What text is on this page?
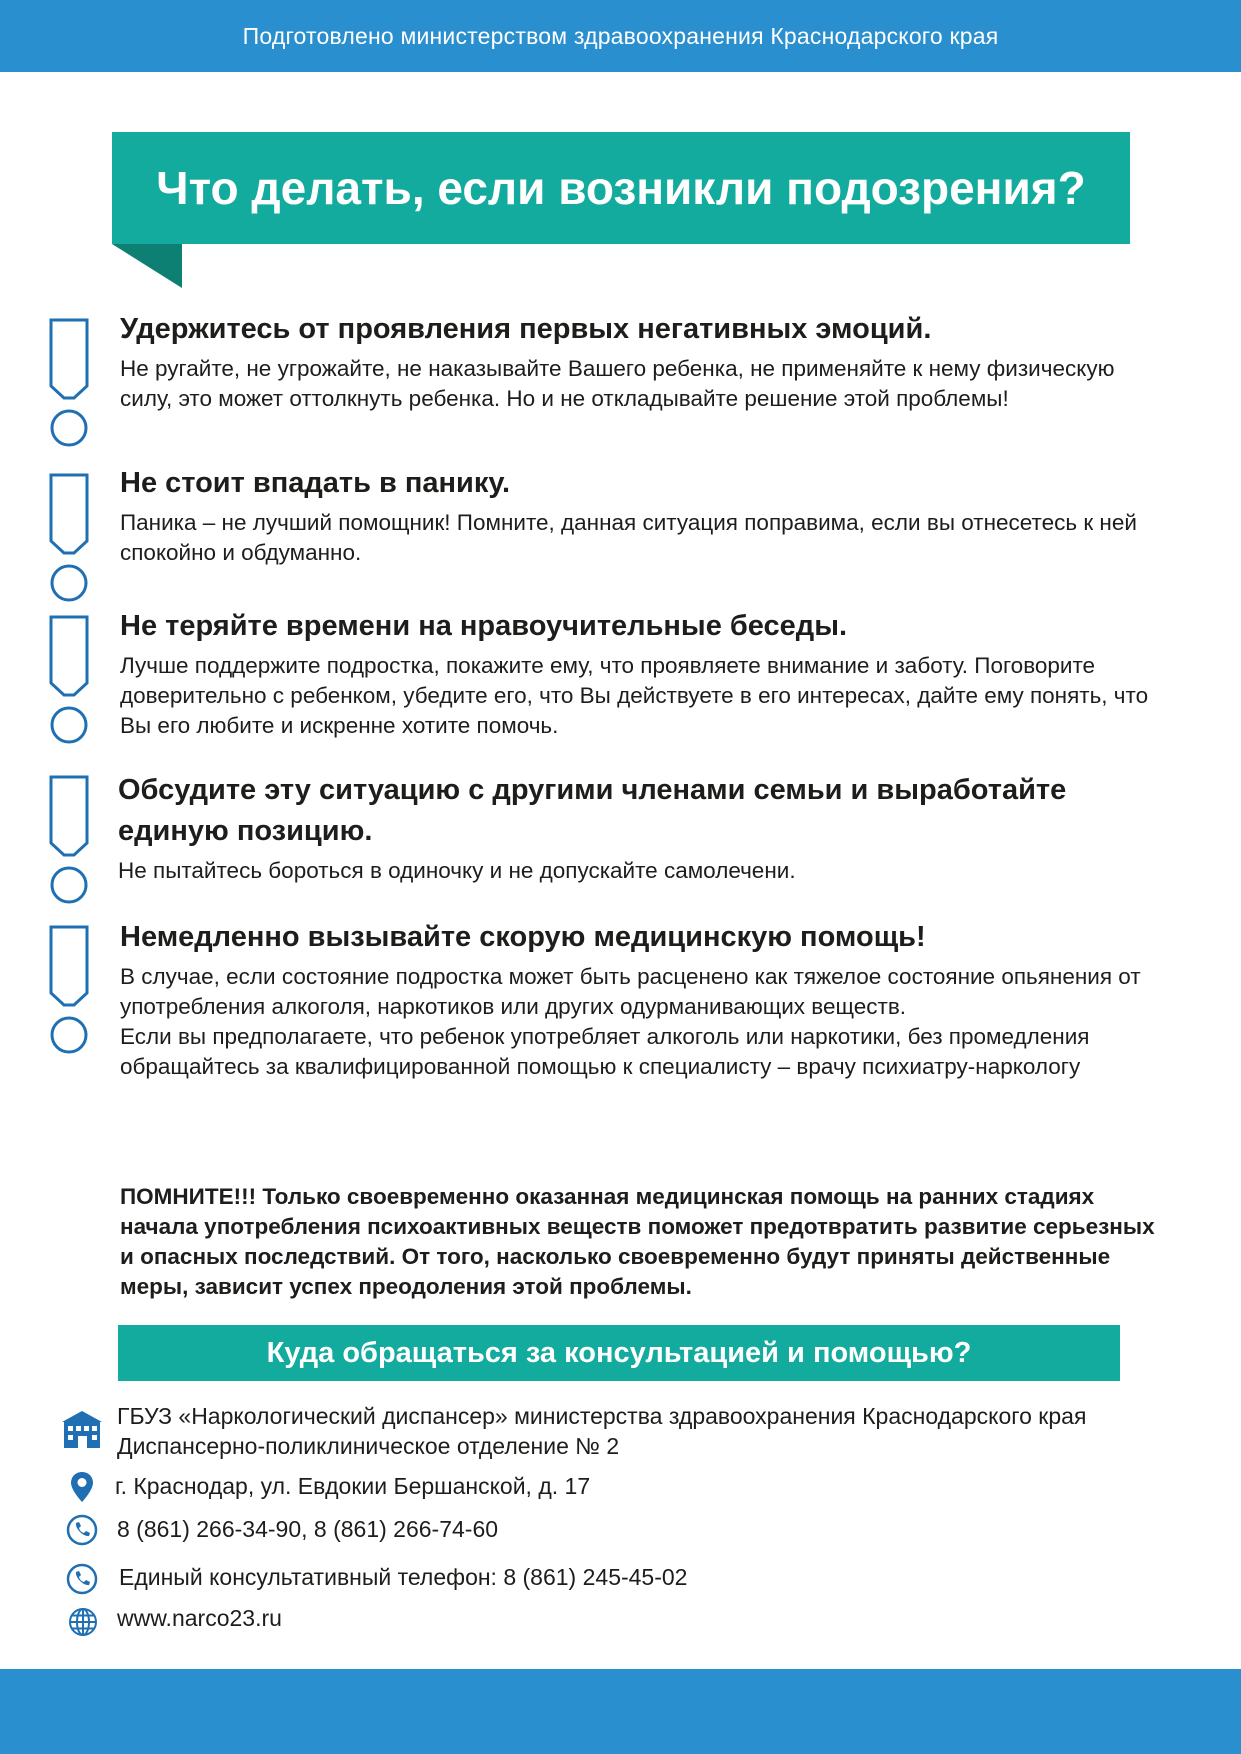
Подготовлено министерством здравоохранения Краснодарского края
Что делать, если возникли подозрения?
Удержитесь от проявления первых негативных эмоций.

Не ругайте, не угрожайте, не наказывайте Вашего ребенка, не применяйте к нему физическую силу, это может оттолкнуть ребенка. Но и не откладывайте решение этой проблемы!

Не стоит впадать в панику.

Паника – не лучший помощник! Помните, данная ситуация поправима, если вы отнесетесь к ней спокойно и обдуманно.

Не теряйте времени на нравоучительные беседы.

Лучше поддержите подростка, покажите ему, что проявляете внимание и заботу. Поговорите доверительно с ребенком, убедите его, что Вы действуете в его интересах, дайте ему понять, что Вы его любите и искренне хотите помочь.

Обсудите эту ситуацию с другими членами семьи и выработайте единую позицию.

Не пытайтесь бороться в одиночку и не допускайте самолечени.

Немедленно вызывайте скорую медицинскую помощь!

В случае, если состояние подростка может быть расценено как тяжелое состояние опьянения от употребления алкоголя, наркотиков или других одурманивающих веществ.

Если вы предполагаете, что ребенок употребляет алкоголь или наркотики, без промедления обращайтесь за квалифицированной помощью к специалисту – врачу психиатру-наркологу

ПОМНИТЕ!!! Только своевременно оказанная медицинская помощь на ранних стадиях начала употребления психоактивных веществ поможет предотвратить развитие серьезных и опасных последствий. От того, насколько своевременно будут приняты действенные меры, зависит успех преодоления этой проблемы.

Куда обращаться за консультацией и помощью?
ГБУЗ «Наркологический диспансер» министерства здравоохранения Краснодарского края
Диспансерно-поликлиническое отделение № 2
г. Краснодар, ул. Евдокии Бершанской, д. 17
8 (861) 266-34-90, 8 (861) 266-74-60
Единый консультативный телефон: 8 (861) 245-45-02
www.narco23.ru
